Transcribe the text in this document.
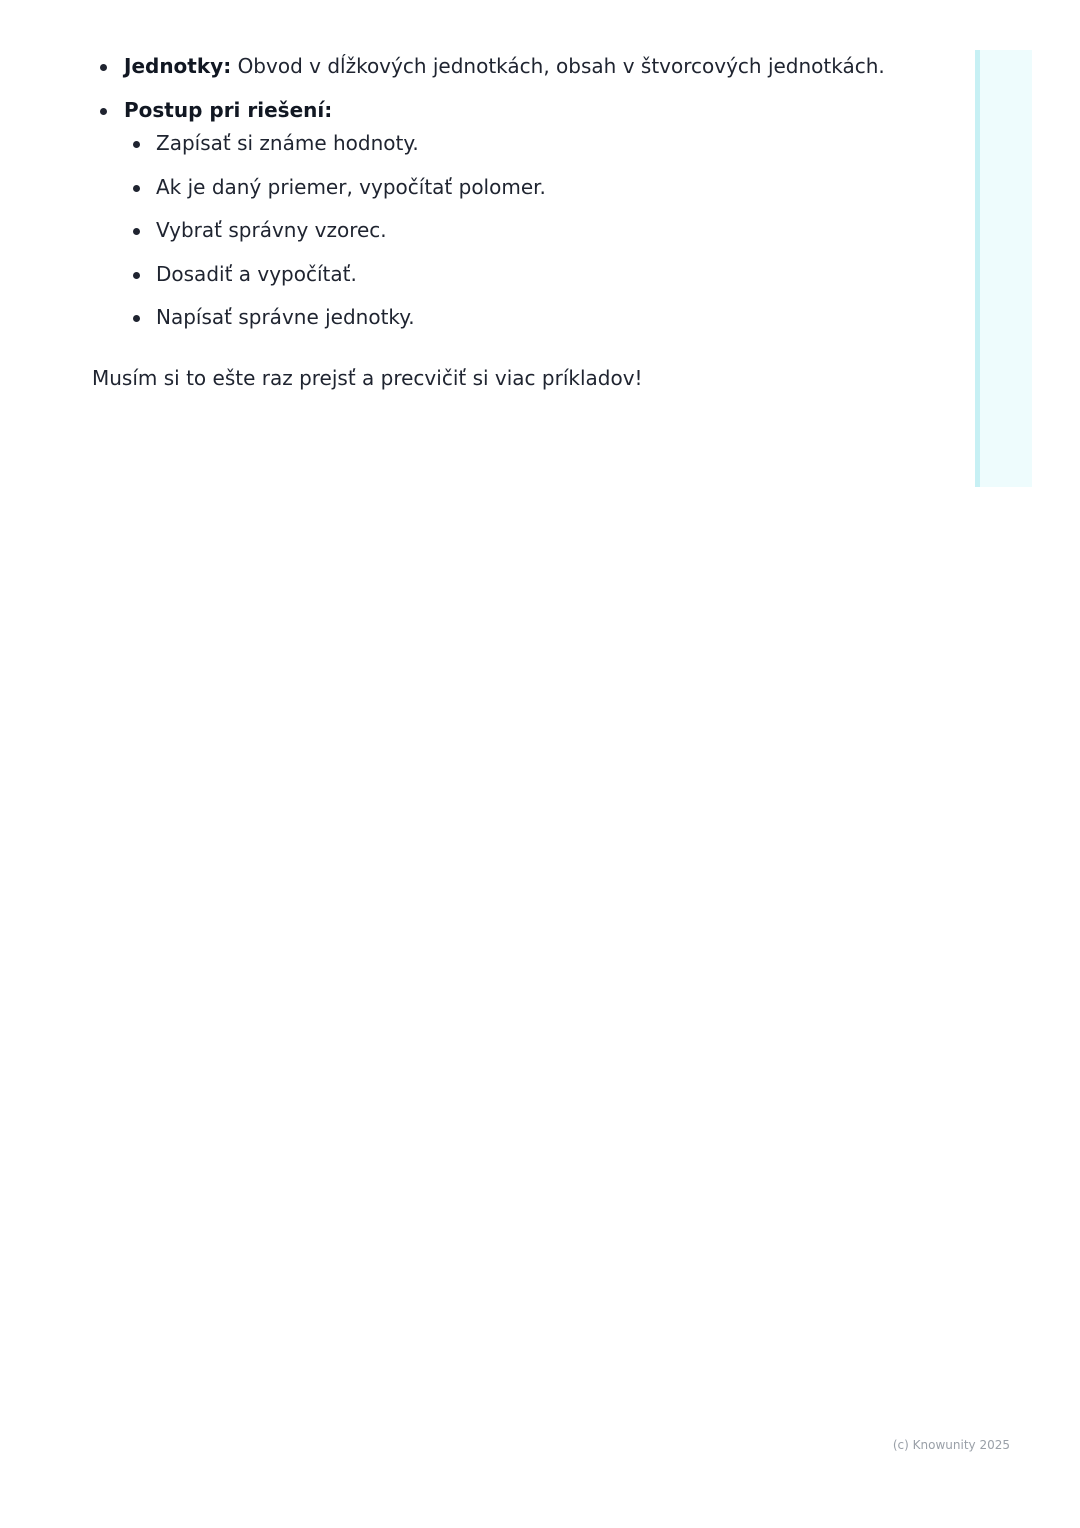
Jednotky: Obvod v dĺžkových jednotkách, obsah v štvorcových jednotkách.
Postup pri riešení:
Zapísať si známe hodnoty.
Ak je daný priemer, vypočítať polomer.
Vybrať správny vzorec.
Dosadiť a vypočítať.
Napísať správne jednotky.

Musím si to ešte raz prejsť a precvičiť si viac príkladov!

(c) Knowunity 2025
